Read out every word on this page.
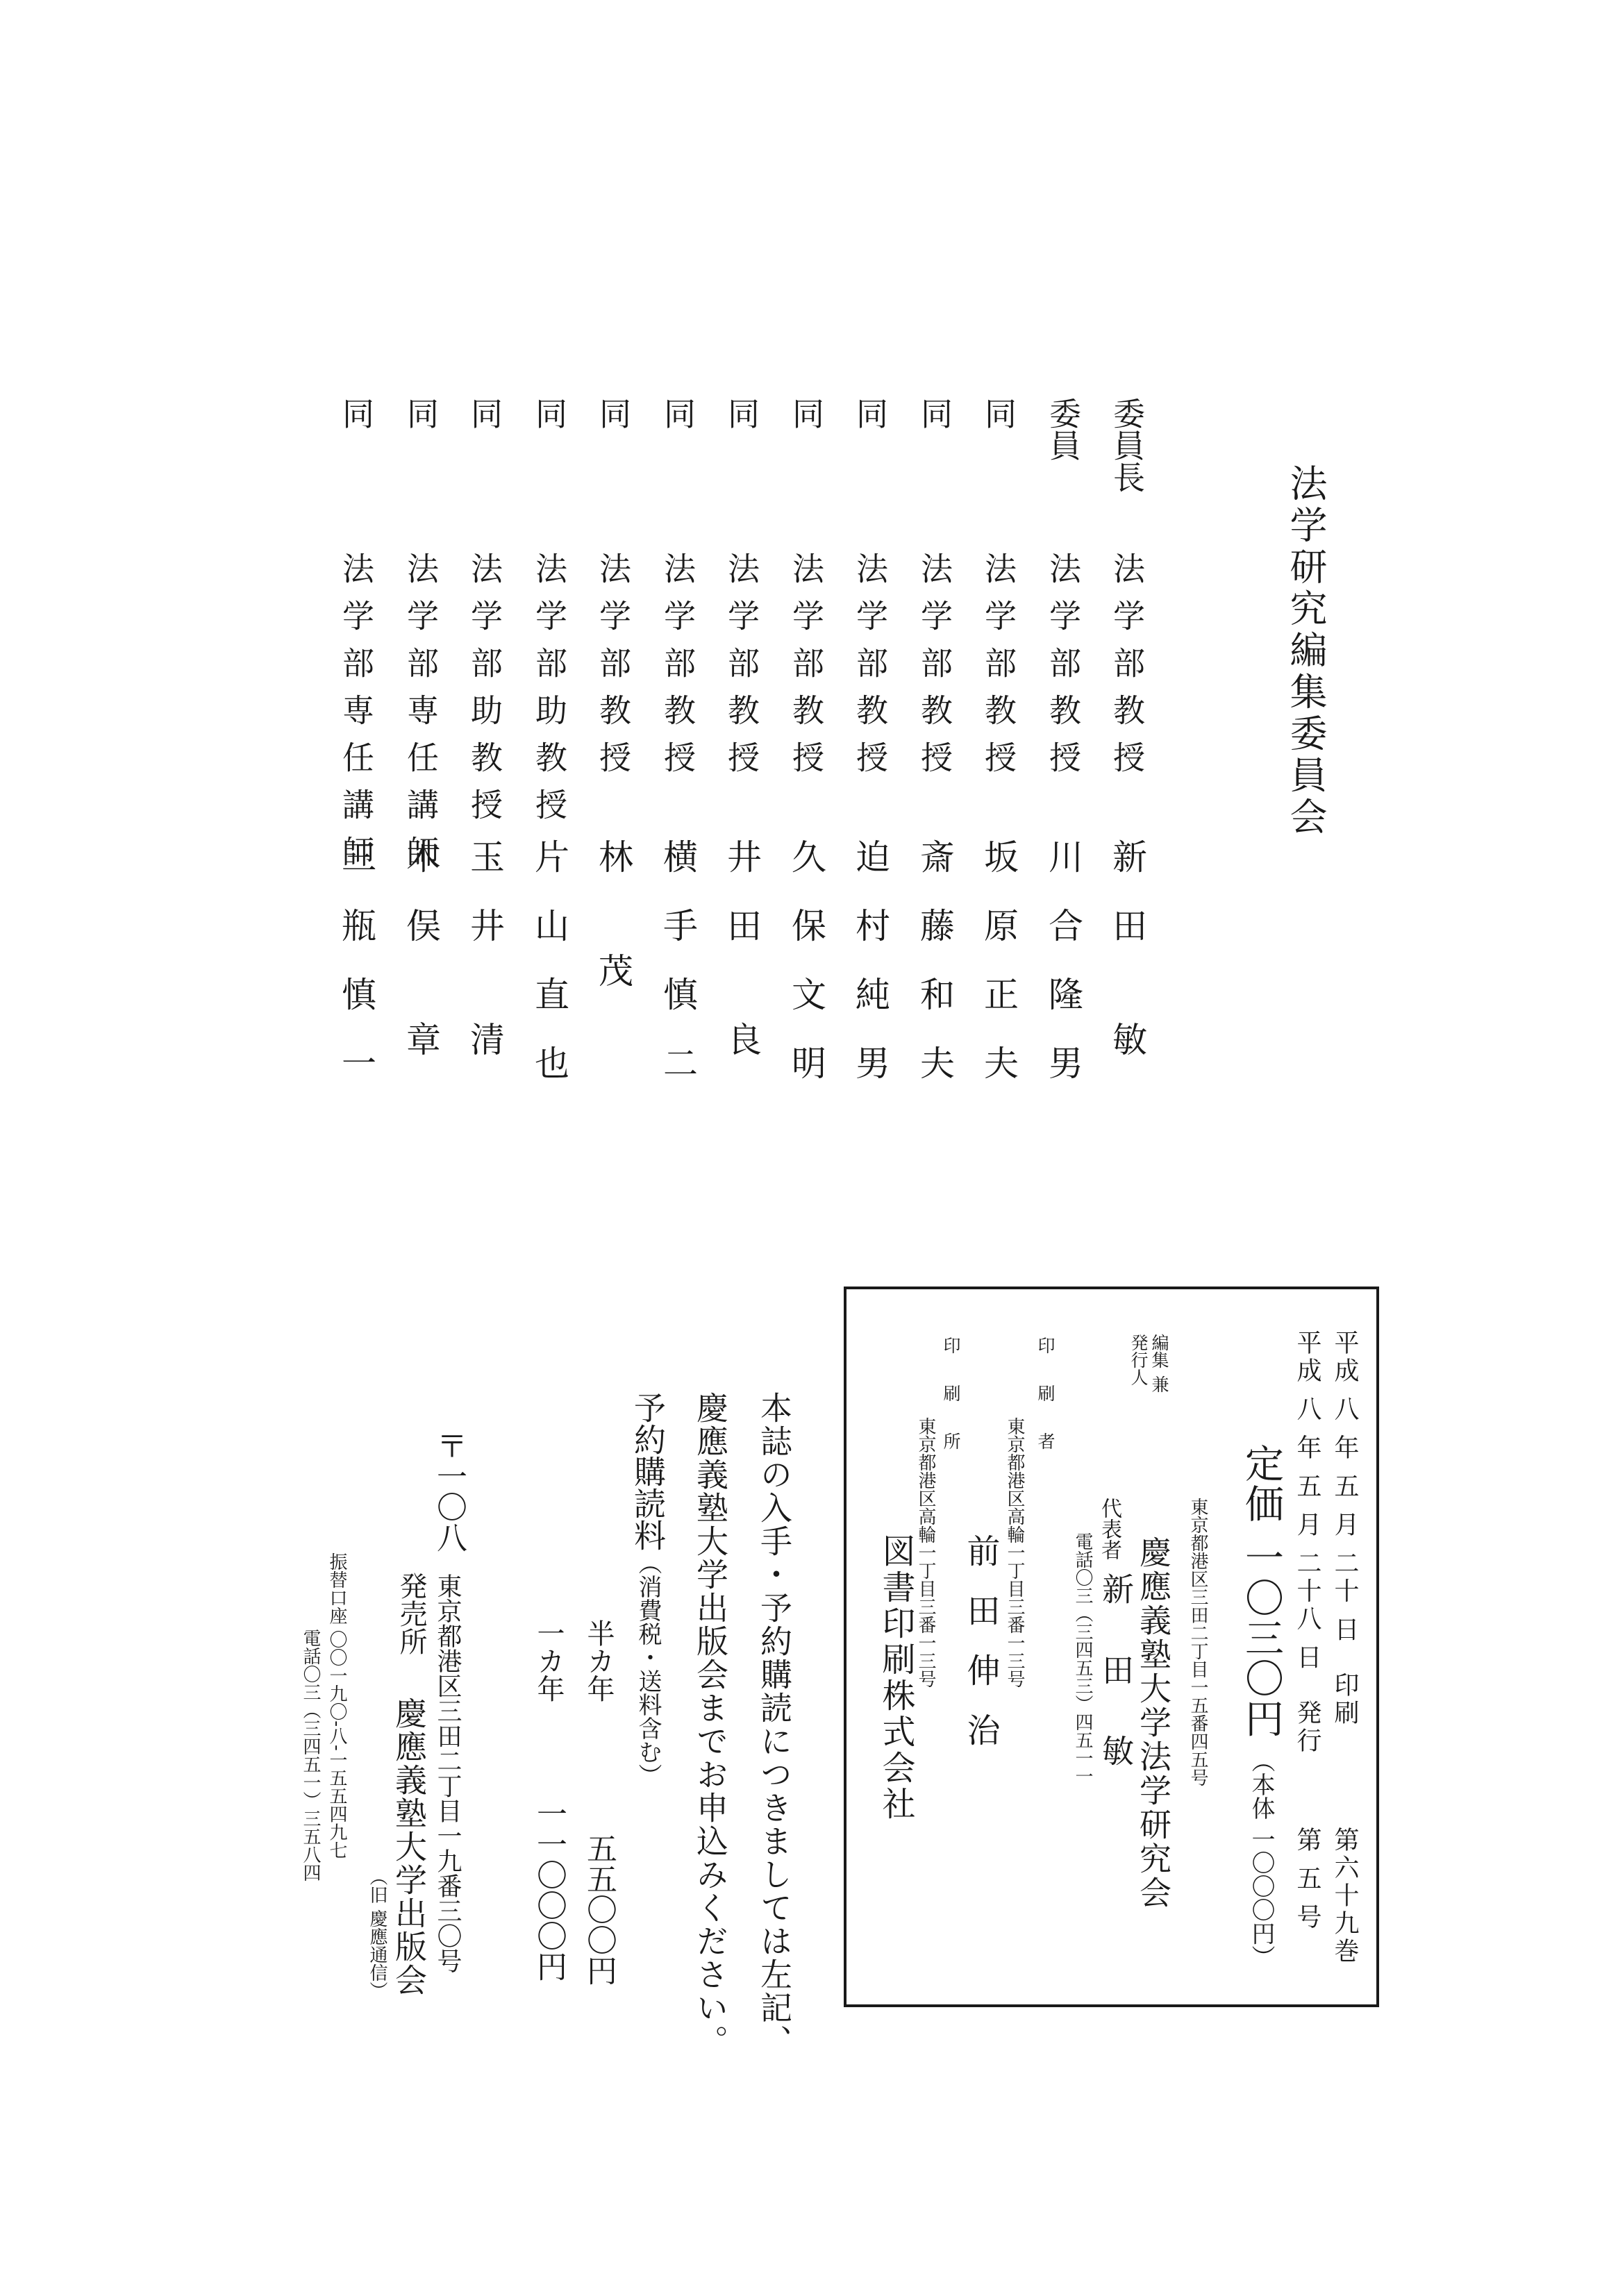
法学研究編集委員会
委員長
法学部教授
新田 敏
委員
法学部教授
川合隆男
同
法学部教授
坂原正夫
同
法学部教授
斎藤和夫
同
法学部教授
迫村純男
同
法学部教授
久保文明
同
法学部教授
井田 良
同
法学部教授
横手慎二
同
法学部教授
林 茂
同
法学部助教授
片山直也
同
法学部助教授
玉井 清
同
法学部専任講師
木俣 章
同
法学部専任講師
三瓶慎一
平成 八 年 五 月 二十 日　印刷
第六十九巻
平成 八 年 五 月 二十八 日　発行
第 五 号
定価 一〇三〇円（本体 一〇〇〇円）
東京都港区三田二丁目一五番四五号
編集
兼
発行人
慶應義塾大学法学研究会
代表者
新 田 敏
電話〇三（三四五三）四五一一
印刷者
東京都港区高輪一丁目三番一三号
前田伸治
印刷所
東京都港区高輪一丁目三番一三号
図書印刷株式会社
本誌の入手・予約購読につきましては左記、
慶應義塾大学出版会までお申込みください。
予約購読料（消費税・送料含む）
半カ年
五五〇〇円
一カ年
一一〇〇〇円
〒一〇八
東京都港区三田二丁目一九番三〇号
発売所
慶應義塾大学出版会
（旧 慶應通信）
振替口座 〇〇一九〇‐八‐一五五四九七
電話〇三（三四五一）三五八四
